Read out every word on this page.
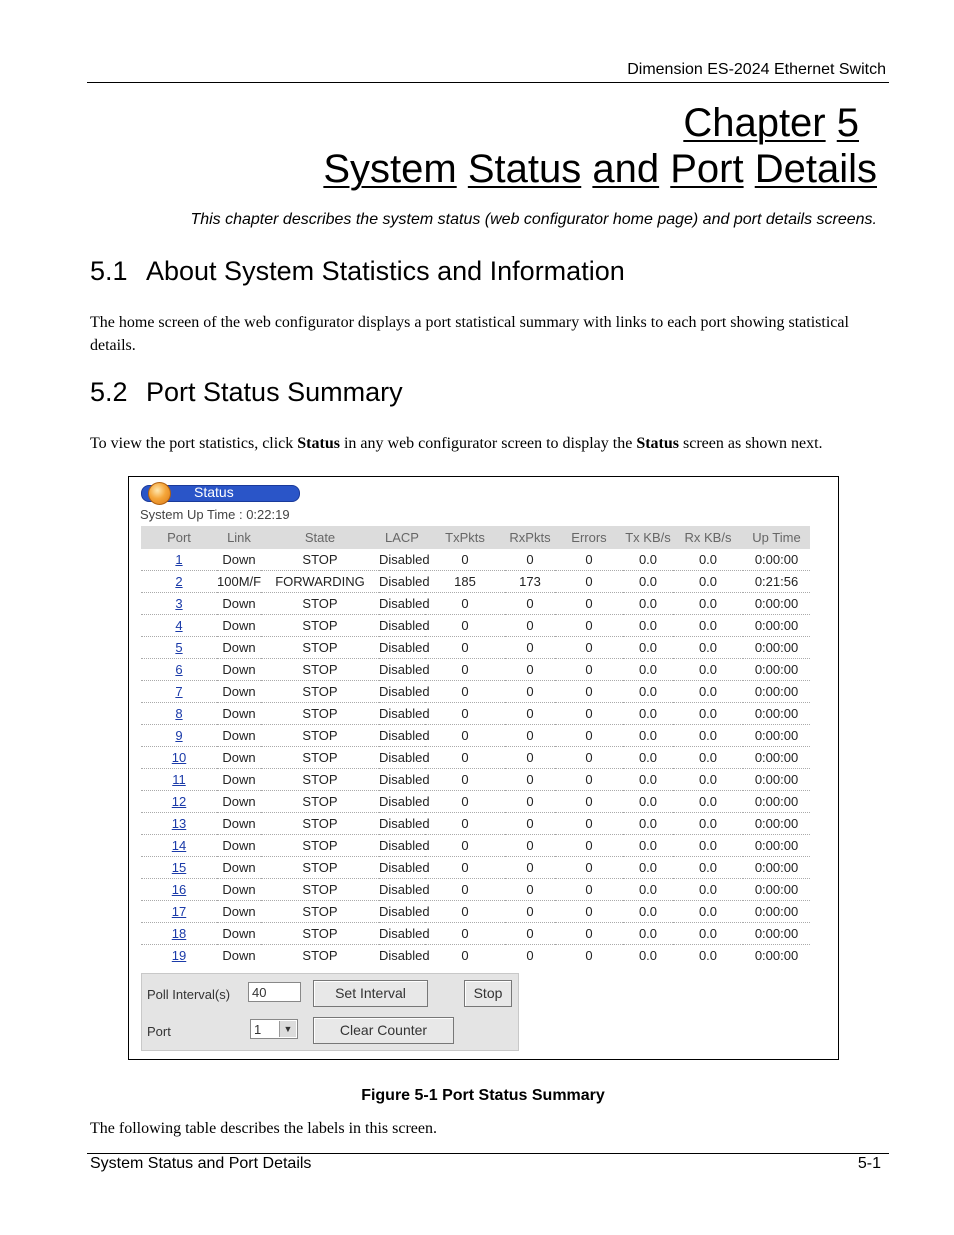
Dimension ES-2024 Ethernet Switch
Chapter 5
System Status and Port Details
This chapter describes the system status (web configurator home page) and port details screens.
5.1 About System Statistics and Information
The home screen of the web configurator displays a port statistical summary with links to each port showing statistical details.
5.2 Port Status Summary
To view the port statistics, click Status in any web configurator screen to display the Status screen as shown next.
Status
System Up Time : 0:22:19
Port	Link	State	LACP	TxPkts	RxPkts	Errors	Tx KB/s	Rx KB/s	Up Time
1	Down	STOP	Disabled	0	0	0	0.0	0.0	0:00:00
2	100M/F	FORWARDING	Disabled	185	173	0	0.0	0.0	0:21:56
3	Down	STOP	Disabled	0	0	0	0.0	0.0	0:00:00
4	Down	STOP	Disabled	0	0	0	0.0	0.0	0:00:00
5	Down	STOP	Disabled	0	0	0	0.0	0.0	0:00:00
6	Down	STOP	Disabled	0	0	0	0.0	0.0	0:00:00
7	Down	STOP	Disabled	0	0	0	0.0	0.0	0:00:00
8	Down	STOP	Disabled	0	0	0	0.0	0.0	0:00:00
9	Down	STOP	Disabled	0	0	0	0.0	0.0	0:00:00
10	Down	STOP	Disabled	0	0	0	0.0	0.0	0:00:00
11	Down	STOP	Disabled	0	0	0	0.0	0.0	0:00:00
12	Down	STOP	Disabled	0	0	0	0.0	0.0	0:00:00
13	Down	STOP	Disabled	0	0	0	0.0	0.0	0:00:00
14	Down	STOP	Disabled	0	0	0	0.0	0.0	0:00:00
15	Down	STOP	Disabled	0	0	0	0.0	0.0	0:00:00
16	Down	STOP	Disabled	0	0	0	0.0	0.0	0:00:00
17	Down	STOP	Disabled	0	0	0	0.0	0.0	0:00:00
18	Down	STOP	Disabled	0	0	0	0.0	0.0	0:00:00
19	Down	STOP	Disabled	0	0	0	0.0	0.0	0:00:00
Poll Interval(s)	40	Set Interval	Stop
Port	1	▼	Clear Counter
Figure 5-1 Port Status Summary
The following table describes the labels in this screen.
System Status and Port Details	5-1
